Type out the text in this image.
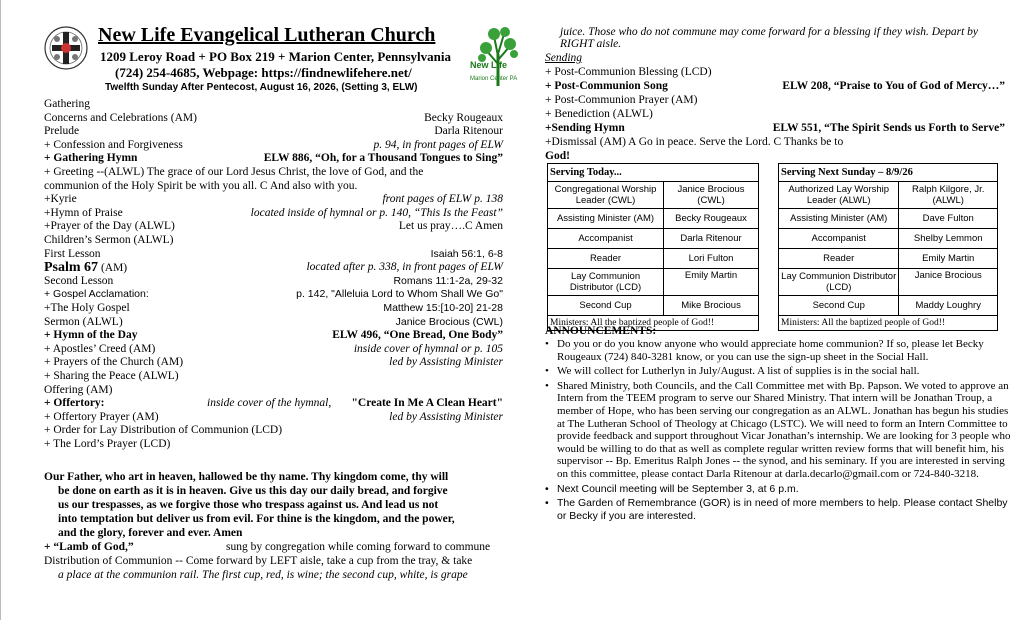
New Life Evangelical Lutheran Church
1209 Leroy Road + PO Box 219 + Marion Center, Pennsylvania
(724) 254-4685, Webpage: https://findnewlifehere.net/
Twelfth Sunday After Pentecost, August 16, 2026, (Setting 3, ELW)
New Life
Marion Center PA
Gathering
Concerns and Celebrations (AM)	Becky Rougeaux
Prelude	Darla Ritenour
+ Confession and Forgiveness	p. 94, in front pages of ELW
+ Gathering Hymn	ELW 886, “Oh, for a Thousand Tongues to Sing”
+ Greeting --(ALWL) The grace of our Lord Jesus Christ, the love of God, and the
communion of the Holy Spirit be with you all. C And also with you.
+Kyrie	front pages of ELW p. 138
+Hymn of Praise	located inside of hymnal or p. 140, “This Is the Feast”
+Prayer of the Day (ALWL)	Let us pray….C Amen
Children’s Sermon (ALWL)
First Lesson	Isaiah 56:1, 6-8
Psalm 67 (AM)	located after p. 338, in front pages of ELW
Second Lesson	Romans 11:1-2a, 29-32
+ Gospel Acclamation:	p. 142, "Alleluia Lord to Whom Shall We Go"
+The Holy Gospel	Matthew 15:[10-20] 21-28
Sermon (ALWL)	Janice Brocious (CWL)
+ Hymn of the Day	ELW 496, “One Bread, One Body”
+ Apostles’ Creed (AM)	inside cover of hymnal or p. 105
+ Prayers of the Church (AM)	led by Assisting Minister
+ Sharing the Peace (ALWL)
Offering (AM)
+ Offertory:	inside cover of the hymnal, "Create In Me A Clean Heart"
+ Offertory Prayer (AM)	led by Assisting Minister
+ Order for Lay Distribution of Communion (LCD)
+ The Lord’s Prayer (LCD)
Our Father, who art in heaven, hallowed be thy name. Thy kingdom come, thy will
be done on earth as it is in heaven. Give us this day our daily bread, and forgive
us our trespasses, as we forgive those who trespass against us. And lead us not
into temptation but deliver us from evil. For thine is the kingdom, and the power,
and the glory, forever and ever. Amen
+ “Lamb of God,”	sung by congregation while coming forward to commune
Distribution of Communion -- Come forward by LEFT aisle, take a cup from the tray, & take
a place at the communion rail. The first cup, red, is wine; the second cup, white, is grape
juice. Those who do not commune may come forward for a blessing if they wish. Depart by
RIGHT aisle.
Sending
+ Post-Communion Blessing (LCD)
+ Post-Communion Song	ELW 208, “Praise to You of God of Mercy…”
+ Post-Communion Prayer (AM)
+ Benediction (ALWL)
+Sending Hymn	ELW 551, “The Spirit Sends us Forth to Serve”
+Dismissal (AM) A Go in peace. Serve the Lord. C Thanks be to
God!
Serving Today...	
Congregational Worship Leader (CWL)	Janice Brocious (CWL)
Assisting Minister (AM)	Becky Rougeaux
Accompanist	Darla Ritenour
Reader	Lori Fulton
Lay Communion Distributor (LCD)	Emily Martin
Second Cup	Mike Brocious
Ministers: All the baptized people of God!!	
Serving Next Sunday – 8/9/26	
Authorized Lay Worship Leader (ALWL)	Ralph Kilgore, Jr. (ALWL)
Assisting Minister (AM)	Dave Fulton
Accompanist	Shelby Lemmon
Reader	Emily Martin
Lay Communion Distributor (LCD)	Janice Brocious
Second Cup	Maddy Loughry
Ministers: All the baptized people of God!!	
ANNOUNCEMENTS:
• Do you or do you know anyone who would appreciate home communion? If so, please let Becky Rougeaux (724) 840-3281 know, or you can use the sign-up sheet in the Social Hall.
• We will collect for Lutherlyn in July/August. A list of supplies is in the social hall.
• Shared Ministry, both Councils, and the Call Committee met with Bp. Papson. We voted to approve an Intern from the TEEM program to serve our Shared Ministry. That intern will be Jonathan Troup, a member of Hope, who has been serving our congregation as an ALWL. Jonathan has begun his studies at The Lutheran School of Theology at Chicago (LSTC). We will need to form an Intern Committee to provide feedback and support throughout Vicar Jonathan’s internship. We are looking for 3 people who would be willing to do that as well as complete regular written review forms that will benefit him, his supervisor -- Bp. Emeritus Ralph Jones -- the synod, and his seminary. If you are interested in serving on this committee, please contact Darla Ritenour at darla.decarlo@gmail.com or 724-840-3218.
• Next Council meeting will be September 3, at 6 p.m.
• The Garden of Remembrance (GOR) is in need of more members to help. Please contact Shelby or Becky if you are interested.
